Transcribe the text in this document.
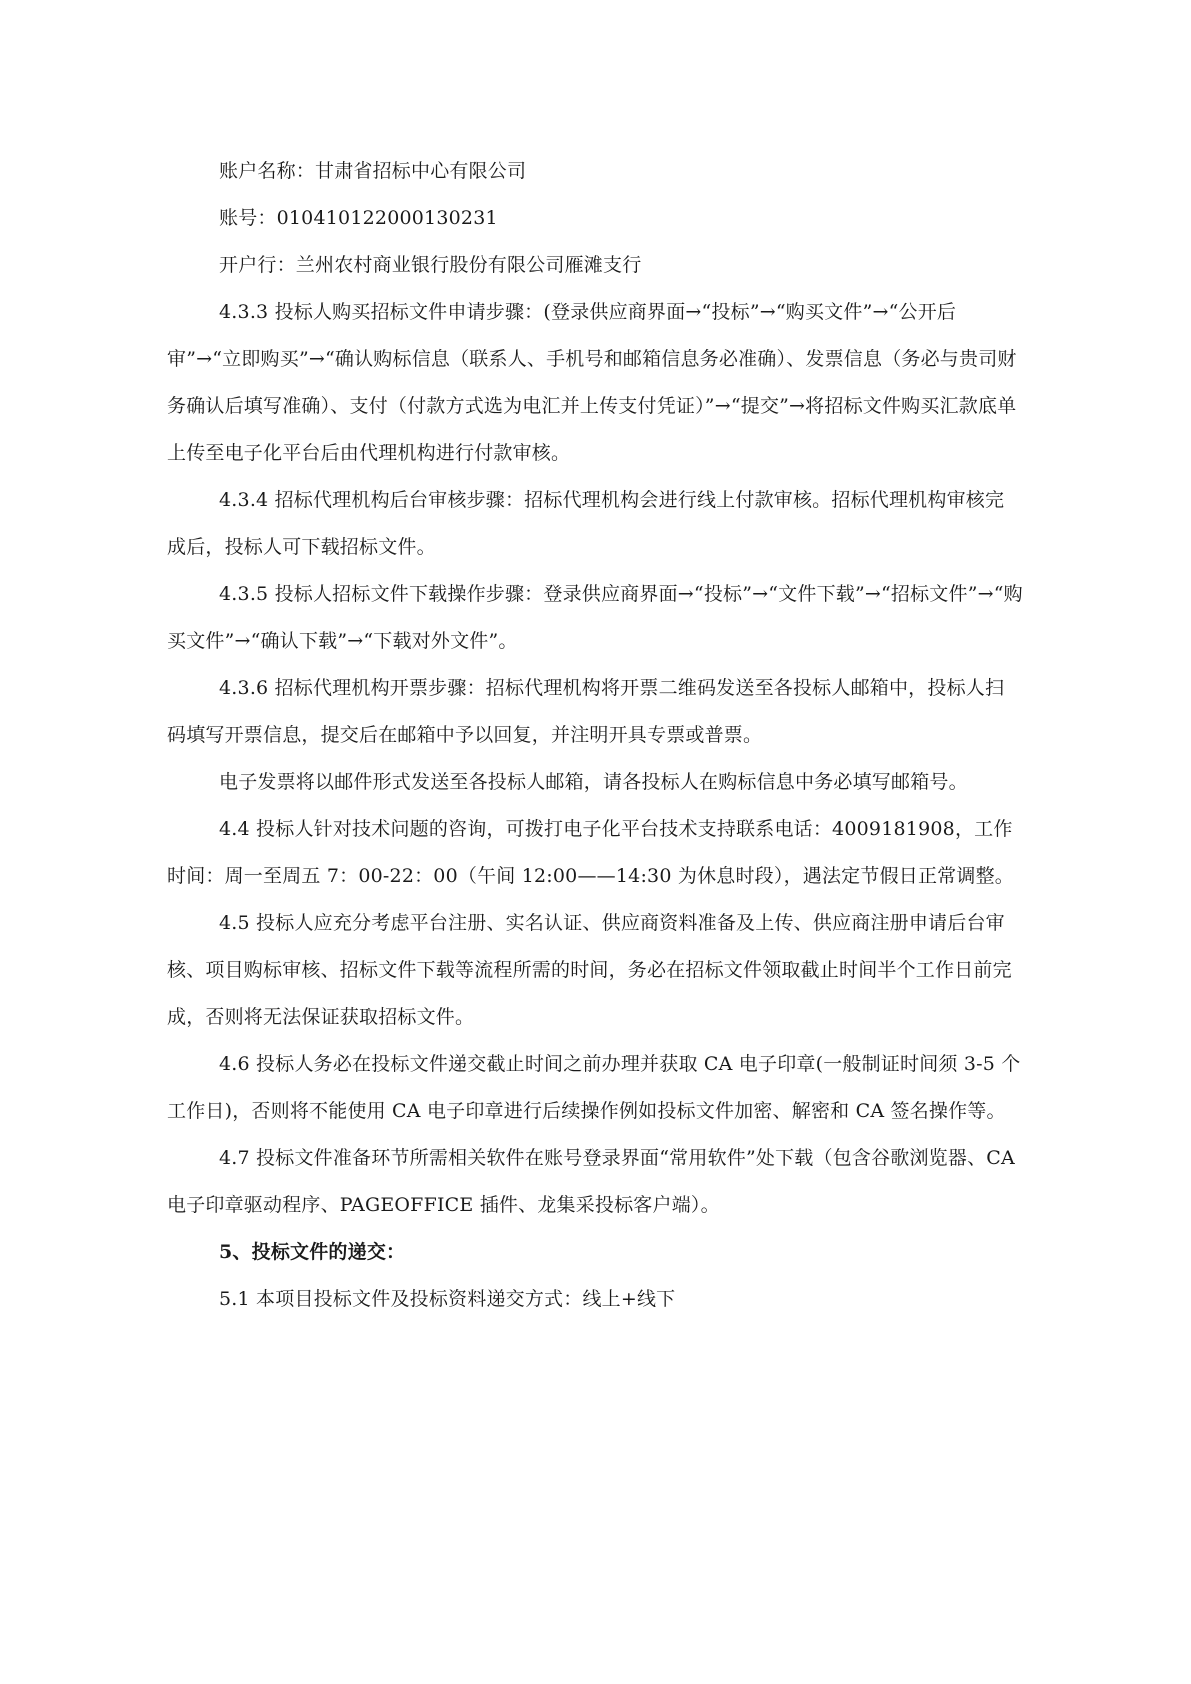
账户名称：甘肃省招标中心有限公司

账号：010410122000130231

开户行：兰州农村商业银行股份有限公司雁滩支行

4.3.3 投标人购买招标文件申请步骤：(登录供应商界面→“投标”→“购买文件”→“公开后审”→“立即购买”→“确认购标信息（联系人、手机号和邮箱信息务必准确）、发票信息（务必与贵司财务确认后填写准确）、支付（付款方式选为电汇并上传支付凭证）”→“提交”→将招标文件购买汇款底单上传至电子化平台后由代理机构进行付款审核。

4.3.4 招标代理机构后台审核步骤：招标代理机构会进行线上付款审核。招标代理机构审核完成后，投标人可下载招标文件。

4.3.5 投标人招标文件下载操作步骤：登录供应商界面→“投标”→“文件下载”→“招标文件”→“购买文件”→“确认下载”→“下载对外文件”。

4.3.6 招标代理机构开票步骤：招标代理机构将开票二维码发送至各投标人邮箱中，投标人扫码填写开票信息，提交后在邮箱中予以回复，并注明开具专票或普票。

电子发票将以邮件形式发送至各投标人邮箱，请各投标人在购标信息中务必填写邮箱号。

4.4 投标人针对技术问题的咨询，可拨打电子化平台技术支持联系电话：4009181908，工作时间：周一至周五 7：00-22：00（午间 12:00——14:30 为休息时段），遇法定节假日正常调整。

4.5 投标人应充分考虑平台注册、实名认证、供应商资料准备及上传、供应商注册申请后台审核、项目购标审核、招标文件下载等流程所需的时间，务必在招标文件领取截止时间半个工作日前完成，否则将无法保证获取招标文件。

4.6 投标人务必在投标文件递交截止时间之前办理并获取 CA 电子印章(一般制证时间须 3-5 个工作日)，否则将不能使用 CA 电子印章进行后续操作例如投标文件加密、解密和 CA 签名操作等。

4.7 投标文件准备环节所需相关软件在账号登录界面“常用软件”处下载（包含谷歌浏览器、CA 电子印章驱动程序、PAGEOFFICE 插件、龙集采投标客户端）。

5、投标文件的递交：

5.1 本项目投标文件及投标资料递交方式：线上+线下
